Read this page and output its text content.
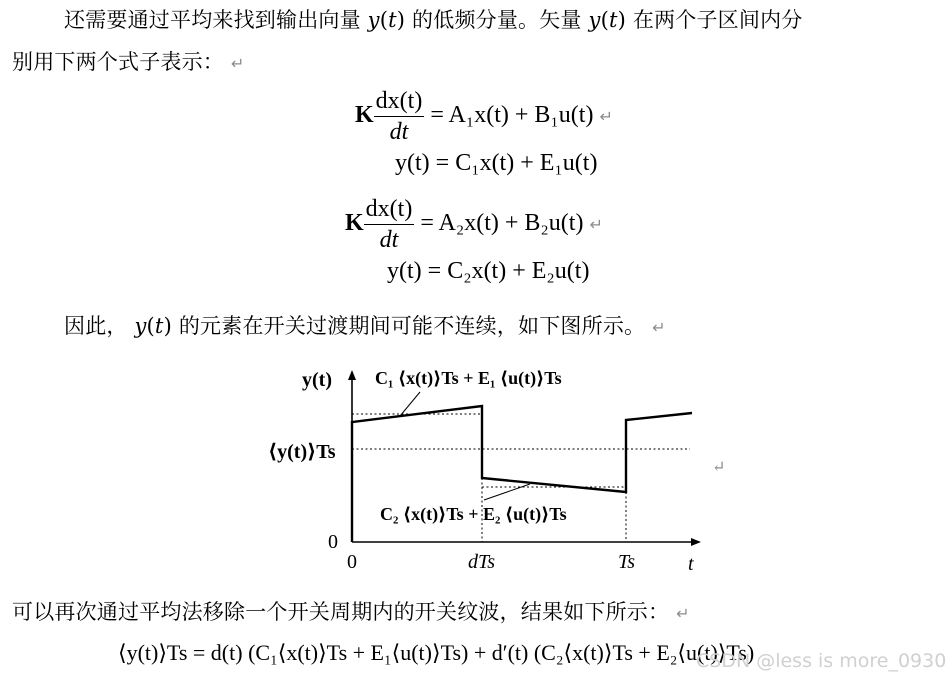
还需要通过平均来找到输出向量 𝑦(𝑡) 的低频分量。矢量 𝑦(𝑡) 在两个子区间内分
别用下两个式子表示： ↵
K $\frac{dx(t)}{dt} = A_1x(t) + B_1u(t)$ ↵
y(t) = C₁x(t) + E₁u(t)
K $\frac{dx(t)}{dt} = A_2x(t) + B_2u(t)$ ↵
y(t) = C₂x(t) + E₂u(t)
因此， 𝑦(𝑡) 的元素在开关过渡期间可能不连续，如下图所示。 ↵
y(t)
⟨y(t)⟩Ts
C₁ ⟨x(t)⟩Ts + E₁ ⟨u(t)⟩Ts
C₂ ⟨x(t)⟩Ts + E₂ ⟨u(t)⟩Ts
0
0	dTs	Ts	t
↵
可以再次通过平均法移除一个开关周期内的开关纹波，结果如下所示： ↵
⟨y(t)⟩Ts = d(t) (C₁⟨x(t)⟩Ts + E₁⟨u(t)⟩Ts) + d′(t) (C₂⟨x(t)⟩Ts + E₂⟨u(t)⟩Ts)
CSDN @less is more_0930
